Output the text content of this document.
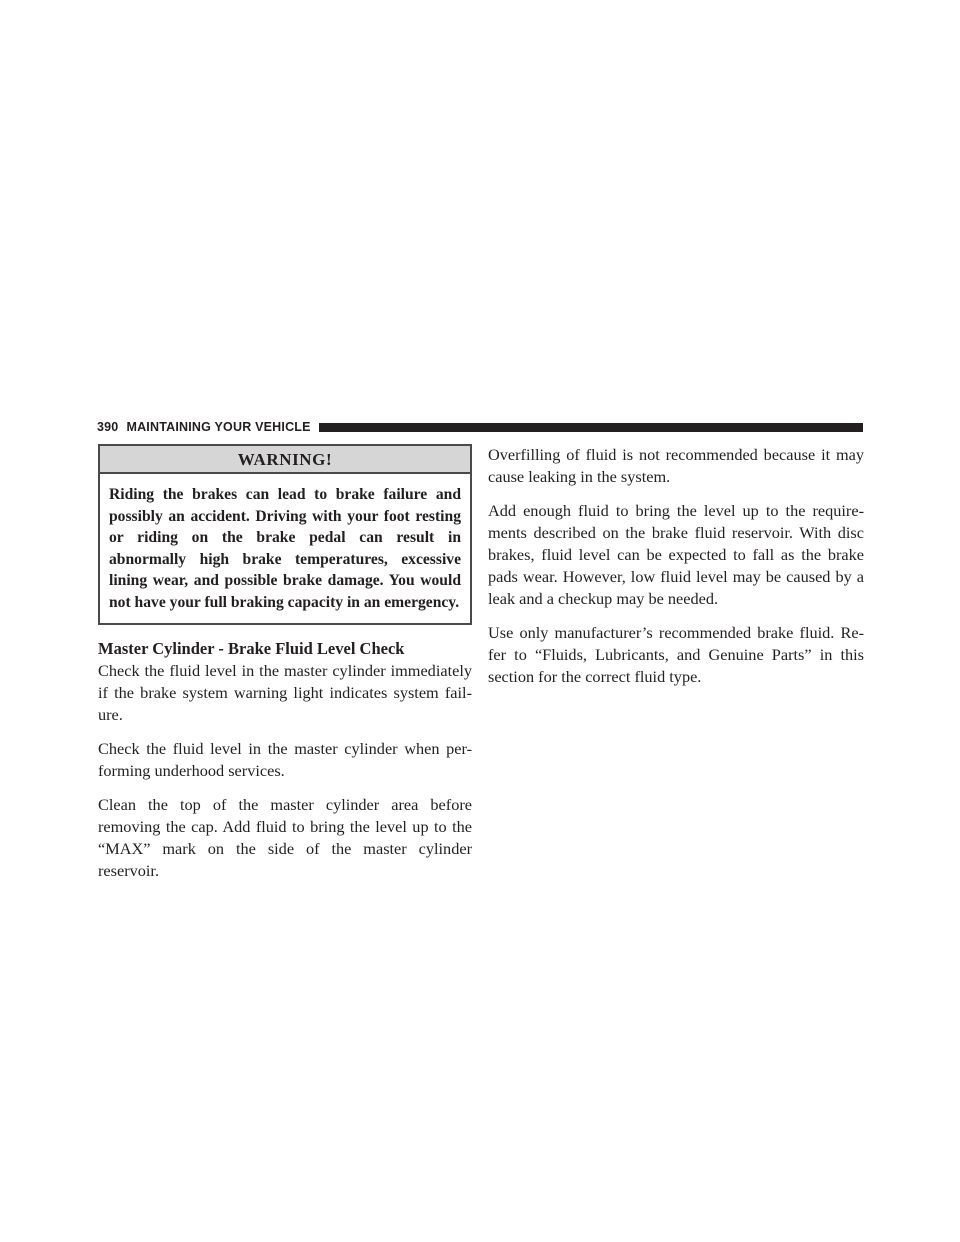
390 MAINTAINING YOUR VEHICLE
WARNING!
Riding the brakes can lead to brake failure and possibly an accident. Driving with your foot resting or riding on the brake pedal can result in abnormally high brake temperatures, excessive lining wear, and possible brake damage. You would not have your full braking capacity in an emergency.
Master Cylinder - Brake Fluid Level Check

Check the fluid level in the master cylinder immediately if the brake system warning light indicates system fail- ure.

Check the fluid level in the master cylinder when per- forming underhood services.

Clean the top of the master cylinder area before removing the cap. Add fluid to bring the level up to the “MAX” mark on the side of the master cylinder reservoir.

Overfilling of fluid is not recommended because it may cause leaking in the system.

Add enough fluid to bring the level up to the require- ments described on the brake fluid reservoir. With disc brakes, fluid level can be expected to fall as the brake pads wear. However, low fluid level may be caused by a leak and a checkup may be needed.

Use only manufacturer’s recommended brake fluid. Re- fer to “Fluids, Lubricants, and Genuine Parts” in this section for the correct fluid type.
